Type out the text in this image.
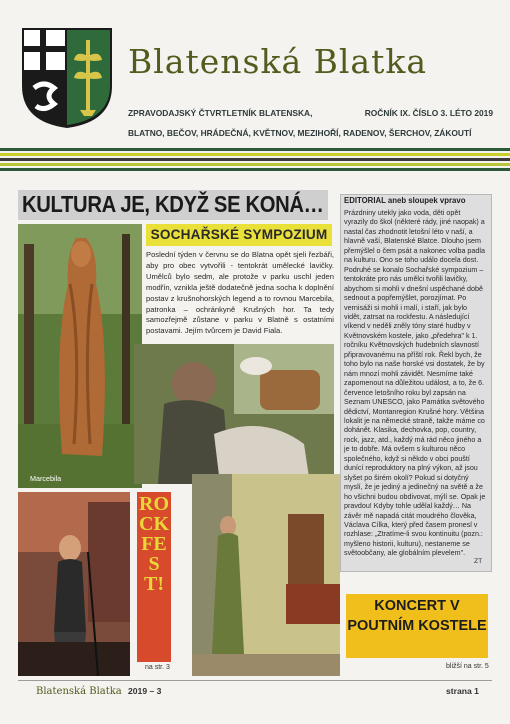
Blatenská Blatka
ZPRAVODAJSKÝ ČTVRTLETNÍK BLATENSKA,	ROČNÍK IX. ČÍSLO 3. LÉTO 2019
BLATNO, BEČOV, HRÁDEČNÁ, KVĚTNOV, MEZIHOŘÍ, RADENOV, ŠERCHOV, ZÁKOUTÍ
KULTURA JE, KDYŽ SE KONÁ…
Marcebila
SOCHAŘSKÉ SYMPOZIUM
Poslední týden v červnu se do Blatna opět sjeli řezbáři, aby pro obec vytvořili - tentokrát umělecké lavičky. Umělců bylo sedm, ale protože v parku uschl jeden modřín, vznikla ještě dodatečně jedna socha k doplnění postav z krušnohorských legend a to rovnou Marcebila, patronka – ochránkyně Krušných hor. Ta tedy samozřejmě zůstane v parku v Blatně s ostatními postavami. Jejím tvůrcem je David Fiala.
EDITORIAL aneb sloupek vpravo
Prázdniny utekly jako voda, děti opět vyrazily do škol (některé rády, jiné naopak) a nastal čas zhodnotit letošní léto v naší, a hlavně vaší, Blatenské Blatce. Dlouho jsem přemýšlel o čem psát a nakonec volba padla na kulturu. Ono se toho událo docela dost. Podruhé se konalo Sochařské sympozium – tentokráte pro nás umělci tvořili lavičky, abychom si mohli v dnešní uspěchané době sednout a popřemýšlet, porozjímat. Po vernisáži si mohli i malí, i staří, jak bylo vidět, zatrsat na rockfestu. A následující víkend v neděli zněly tóny staré hudby v Květnovském kostele, jako „předehra" k 1. ročníku Květnovských hudebních slavností připravovanému na příští rok. Řekl bych, že toho bylo na naše horské vsi dostatek, že by nám mnozí mohli závidět. Nesmíme také zapomenout na důležitou událost, a to, že 6. července letošního roku byl zapsán na Seznam UNESCO, jako Památka světového dědictví, Montanregion Krušné hory. Většina lokalit je na německé straně, takže máme co dohánět. Klasika, dechovka, pop, country, rock, jazz, atd., každý má rád něco jiného a je to dobře. Má ovšem s kulturou něco společného, když si někdo v obci pouští dunící reproduktory na plný výkon, až jsou slyšet po širém okolí? Pokud si dotyčný myslí, že je jediný a jedinečný na světě a že ho všichni budou obdivovat, mýlí se. Opak je pravdou! Kdyby tohle udělal každý… Na závěr mě napadá citát moudrého člověka, Václava Cílka, který před časem pronesl v rozhlase: „Ztratíme-li svou kontinuitu (pozn.: myšleno historii, kulturu), nestaneme se světoobčany, ale globálním plevelem".
ZT
ROCKFEST!
na str. 3
KONCERT V POUTNÍM KOSTELE
bližší na str. 5
Blatenská Blatka 2019 – 3	strana 1
